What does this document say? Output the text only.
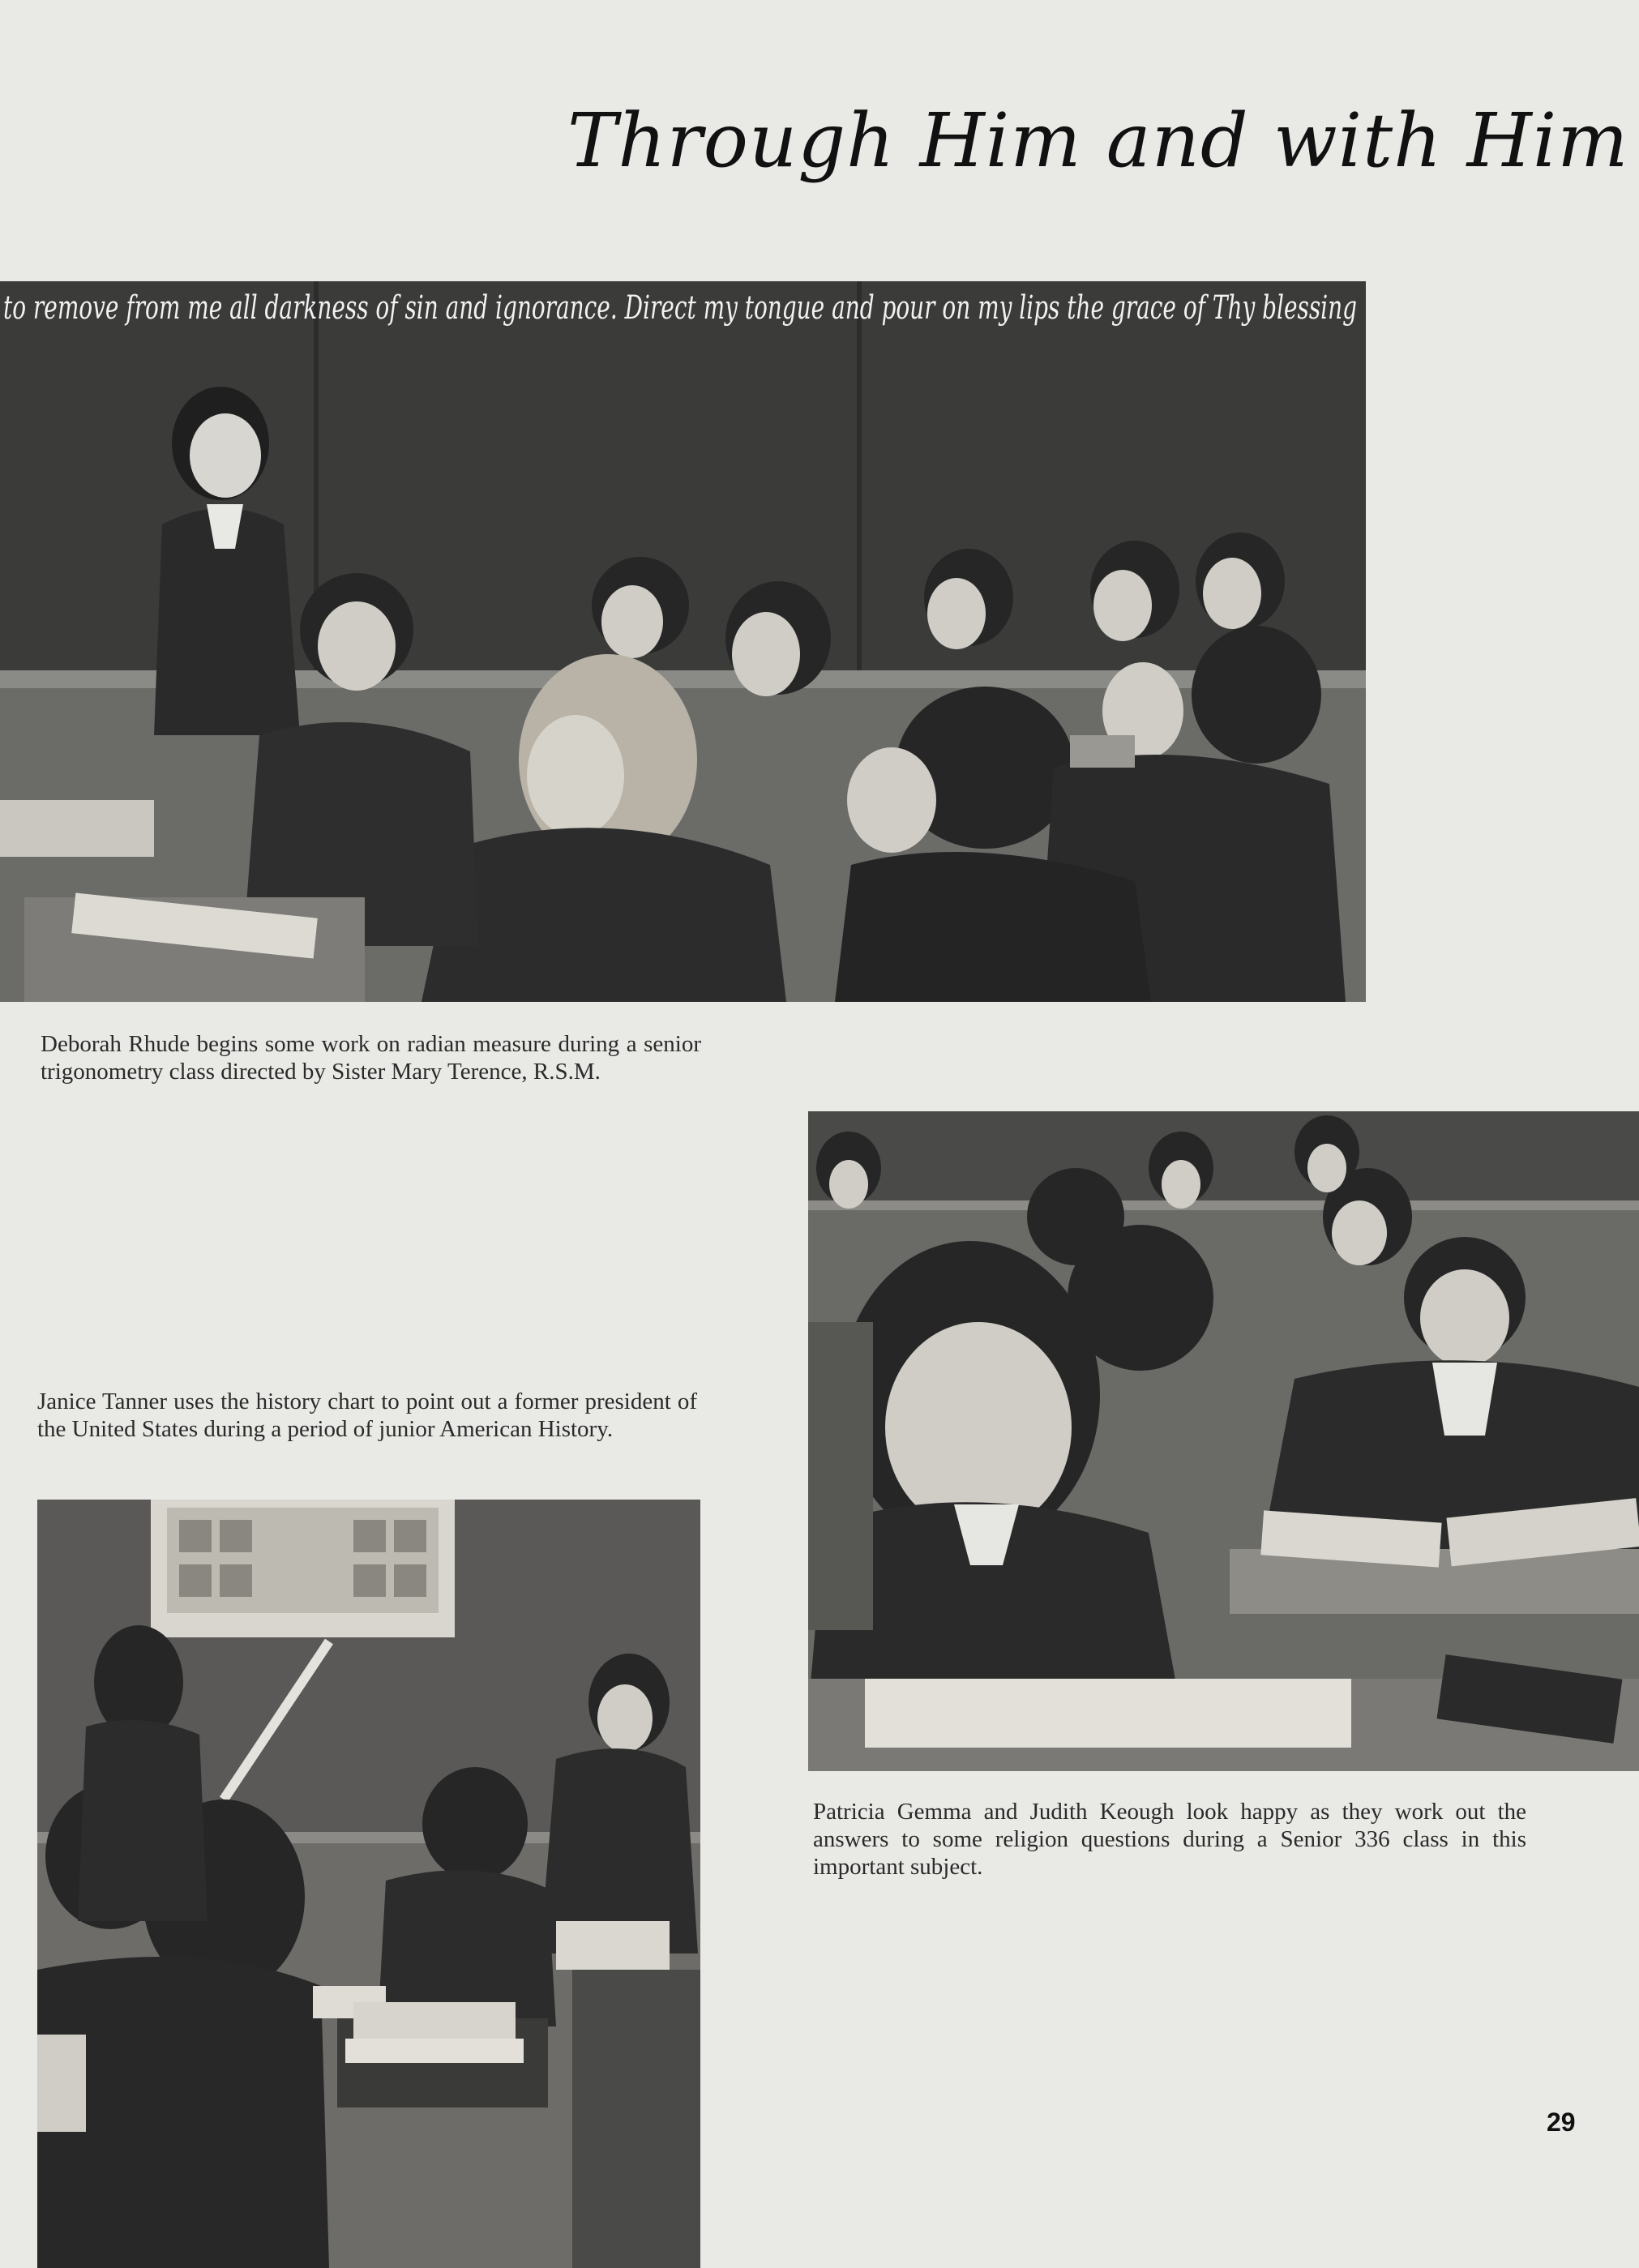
Through Him and with Him
to remove from me all darkness of sin and ignorance. Direct my tongue and pour on my lips the grace of Thy blessing
Deborah Rhude begins some work on radian measure during a senior trigonometry class directed by Sister Mary Terence, R.S.M.
Patricia Gemma and Judith Keough look happy as they work out the answers to some religion questions during a Senior 336 class in this important subject.
Janice Tanner uses the history chart to point out a former president of the United States during a period of junior American History.
29
